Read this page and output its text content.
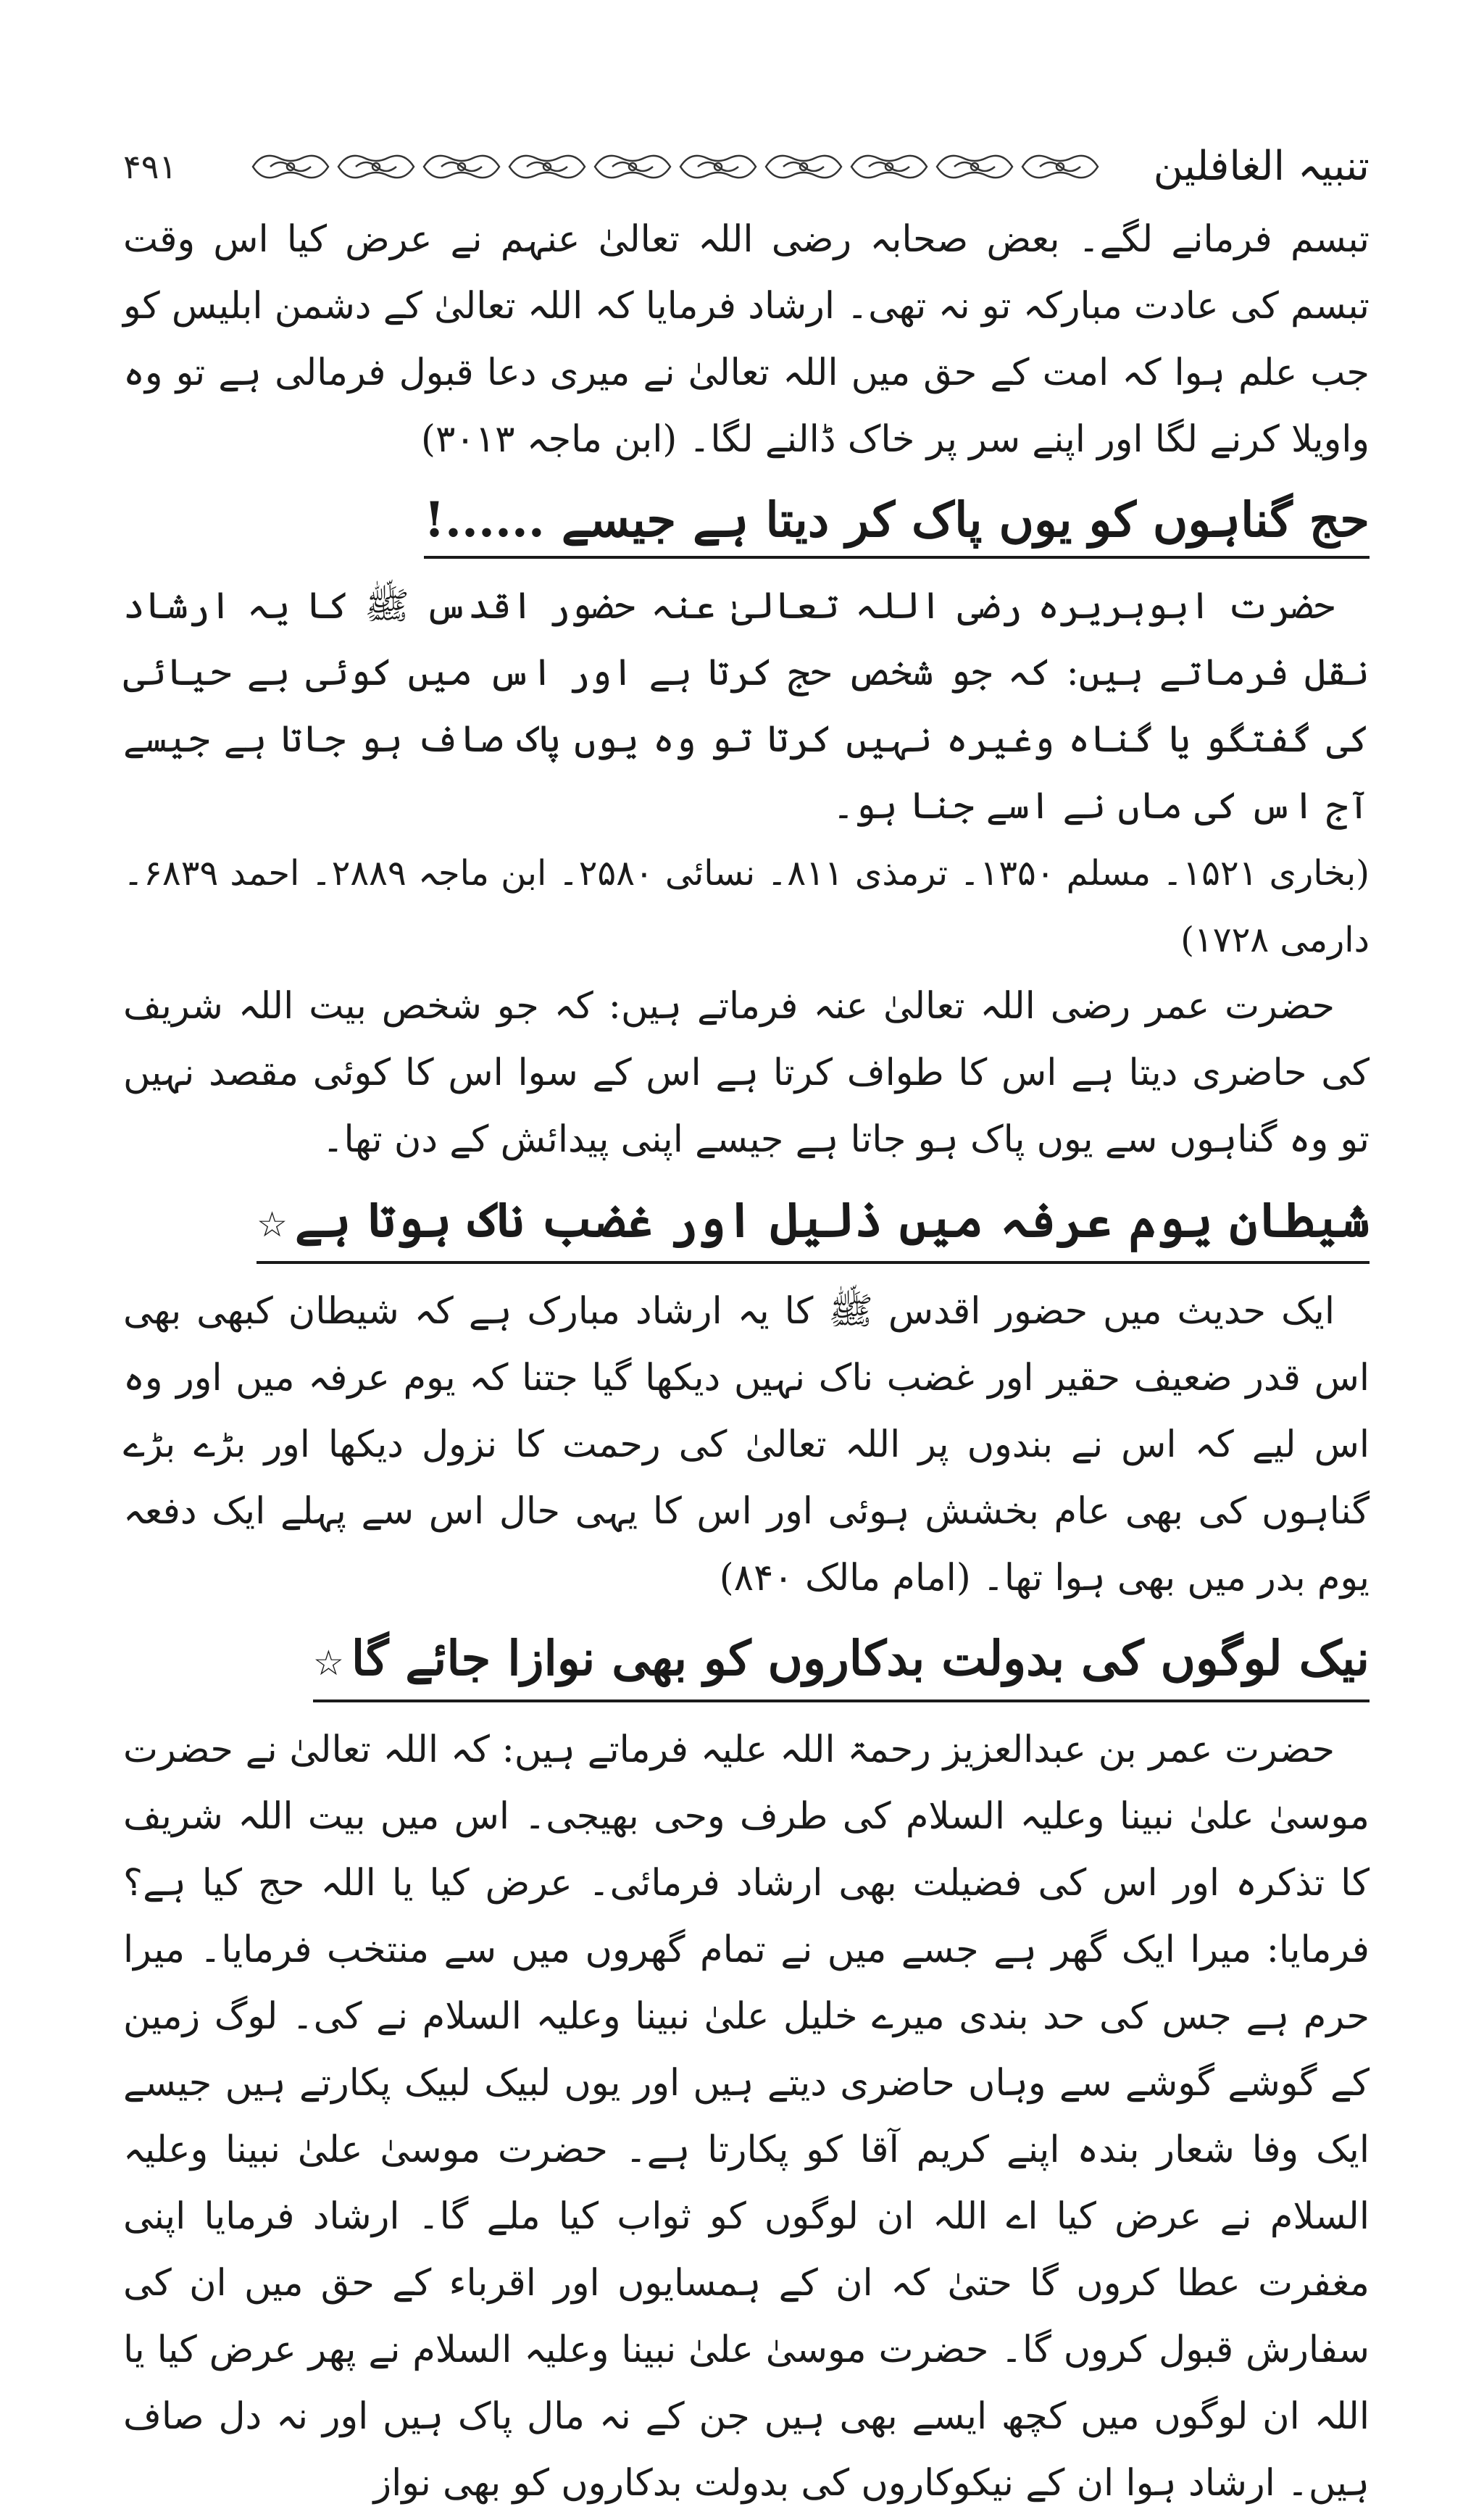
۴۹۱	تنبیہ الغافلین

تبسم فرمانے لگے۔ بعض صحابہ رضی اللہ تعالیٰ عنہم نے عرض کیا اس وقت تبسم کی عادت مبارکہ تو نہ تھی۔ ارشاد فرمایا کہ اللہ تعالیٰ کے دشمن ابلیس کو جب علم ہوا کہ امت کے حق میں اللہ تعالیٰ نے میری دعا قبول فرمالی ہے تو وہ واویلا کرنے لگا اور اپنے سر پر خاک ڈالنے لگا۔ (ابن ماجہ ۳۰۱۳)

حج گناہوں کو یوں پاک کر دیتا ہے جیسے ......!

حضرت ابوہریرہ رضی اللہ تعالیٰ عنہ حضور اقدس ﷺ کا یہ ارشاد نقل فرماتے ہیں: کہ جو شخص حج کرتا ہے اور اس میں کوئی بے حیائی کی گفتگو یا گناہ وغیرہ نہیں کرتا تو وہ یوں پاک صاف ہو جاتا ہے جیسے آج اس کی ماں نے اسے جنا ہو۔

(بخاری ۱۵۲۱۔ مسلم ۱۳۵۰۔ ترمذی ۸۱۱۔ نسائی ۲۵۸۰۔ ابن ماجہ ۲۸۸۹۔ احمد ۶۸۳۹۔ دارمی ۱۷۲۸)

حضرت عمر رضی اللہ تعالیٰ عنہ فرماتے ہیں: کہ جو شخص بیت اللہ شریف کی حاضری دیتا ہے اس کا طواف کرتا ہے اس کے سوا اس کا کوئی مقصد نہیں تو وہ گناہوں سے یوں پاک ہو جاتا ہے جیسے اپنی پیدائش کے دن تھا۔

شیطان یوم عرفہ میں ذلیل اور غضب ناک ہوتا ہے☆

ایک حدیث میں حضور اقدس ﷺ کا یہ ارشاد مبارک ہے کہ شیطان کبھی بھی اس قدر ضعیف حقیر اور غضب ناک نہیں دیکھا گیا جتنا کہ یوم عرفہ میں اور وہ اس لیے کہ اس نے بندوں پر اللہ تعالیٰ کی رحمت کا نزول دیکھا اور بڑے بڑے گناہوں کی بھی عام بخشش ہوئی اور اس کا یہی حال اس سے پہلے ایک دفعہ یوم بدر میں بھی ہوا تھا۔ (امام مالک ۸۴۰)

نیک لوگوں کی بدولت بدکاروں کو بھی نوازا جائے گا☆

حضرت عمر بن عبدالعزیز رحمۃ اللہ علیہ فرماتے ہیں: کہ اللہ تعالیٰ نے حضرت موسیٰ علیٰ نبینا وعلیہ السلام کی طرف وحی بھیجی۔ اس میں بیت اللہ شریف کا تذکرہ اور اس کی فضیلت بھی ارشاد فرمائی۔ عرض کیا یا اللہ حج کیا ہے؟ فرمایا: میرا ایک گھر ہے جسے میں نے تمام گھروں میں سے منتخب فرمایا۔ میرا حرم ہے جس کی حد بندی میرے خلیل علیٰ نبینا وعلیہ السلام نے کی۔ لوگ زمین کے گوشے گوشے سے وہاں حاضری دیتے ہیں اور یوں لبیک لبیک پکارتے ہیں جیسے ایک وفا شعار بندہ اپنے کریم آقا کو پکارتا ہے۔ حضرت موسیٰ علیٰ نبینا وعلیہ السلام نے عرض کیا اے اللہ ان لوگوں کو ثواب کیا ملے گا۔ ارشاد فرمایا اپنی مغفرت عطا کروں گا حتیٰ کہ ان کے ہمسایوں اور اقرباء کے حق میں ان کی سفارش قبول کروں گا۔ حضرت موسیٰ علیٰ نبینا وعلیہ السلام نے پھر عرض کیا یا اللہ ان لوگوں میں کچھ ایسے بھی ہیں جن کے نہ مال پاک ہیں اور نہ دل صاف ہیں۔ ارشاد ہوا ان کے نیکوکاروں کی بدولت بدکاروں کو بھی نواز
